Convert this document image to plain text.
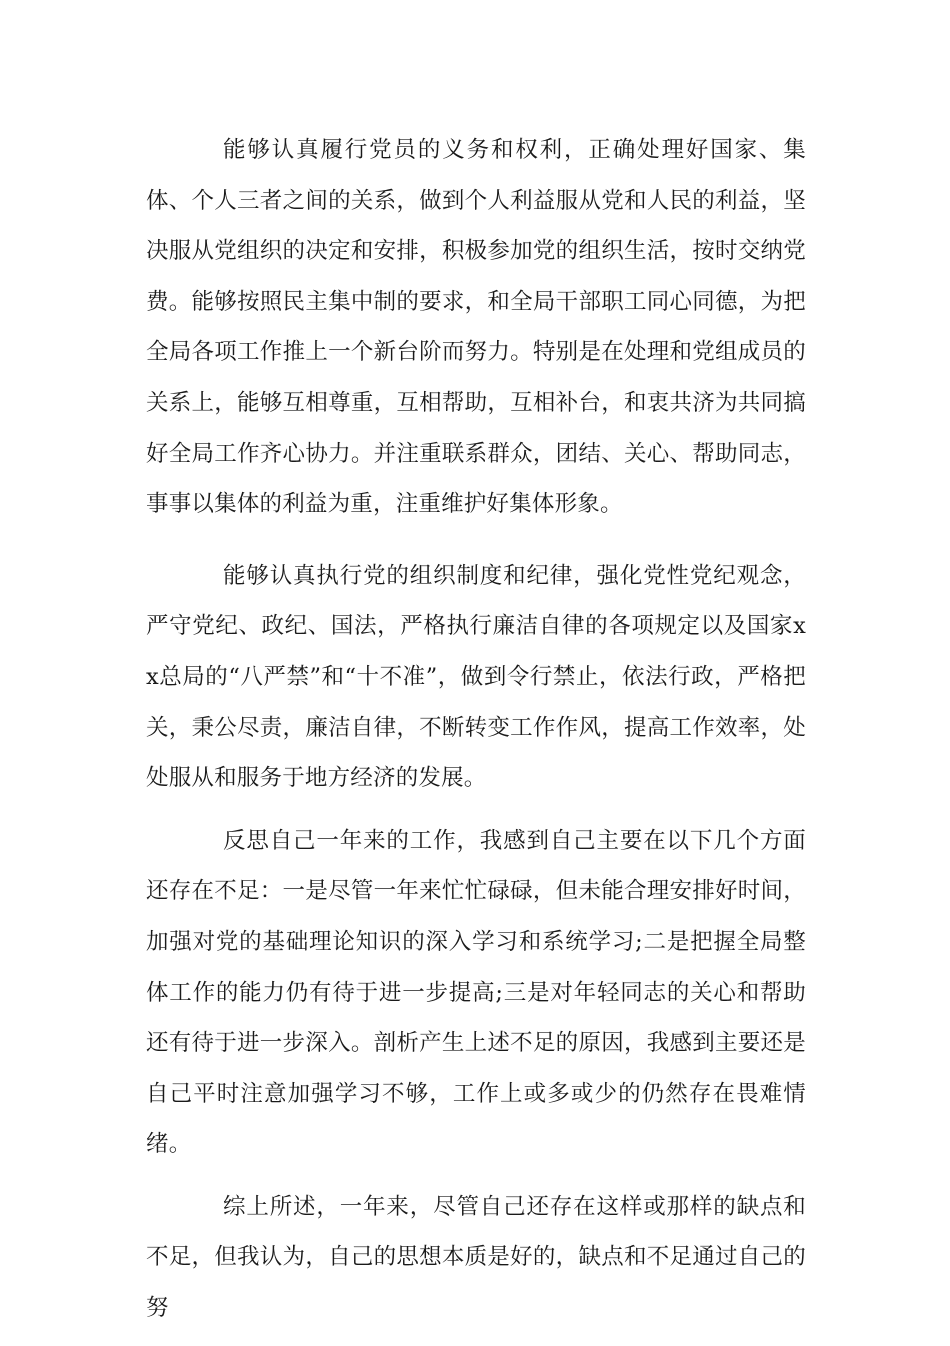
能够认真履行党员的义务和权利，正确处理好国家、集体、个人三者之间的关系，做到个人利益服从党和人民的利益，坚决服从党组织的决定和安排，积极参加党的组织生活，按时交纳党费。能够按照民主集中制的要求，和全局干部职工同心同德，为把全局各项工作推上一个新台阶而努力。特别是在处理和党组成员的关系上，能够互相尊重，互相帮助，互相补台，和衷共济为共同搞好全局工作齐心协力。并注重联系群众，团结、关心、帮助同志，事事以集体的利益为重，注重维护好集体形象。

能够认真执行党的组织制度和纪律，强化党性党纪观念，严守党纪、政纪、国法，严格执行廉洁自律的各项规定以及国家xx总局的“八严禁”和“十不准”，做到令行禁止，依法行政，严格把关，秉公尽责，廉洁自律，不断转变工作作风，提高工作效率，处处服从和服务于地方经济的发展。

反思自己一年来的工作，我感到自己主要在以下几个方面还存在不足：一是尽管一年来忙忙碌碌，但未能合理安排好时间，加强对党的基础理论知识的深入学习和系统学习;二是把握全局整体工作的能力仍有待于进一步提高;三是对年轻同志的关心和帮助还有待于进一步深入。剖析产生上述不足的原因，我感到主要还是自己平时注意加强学习不够，工作上或多或少的仍然存在畏难情绪。

综上所述，一年来，尽管自己还存在这样或那样的缺点和不足，但我认为，自己的思想本质是好的，缺点和不足通过自己的努
